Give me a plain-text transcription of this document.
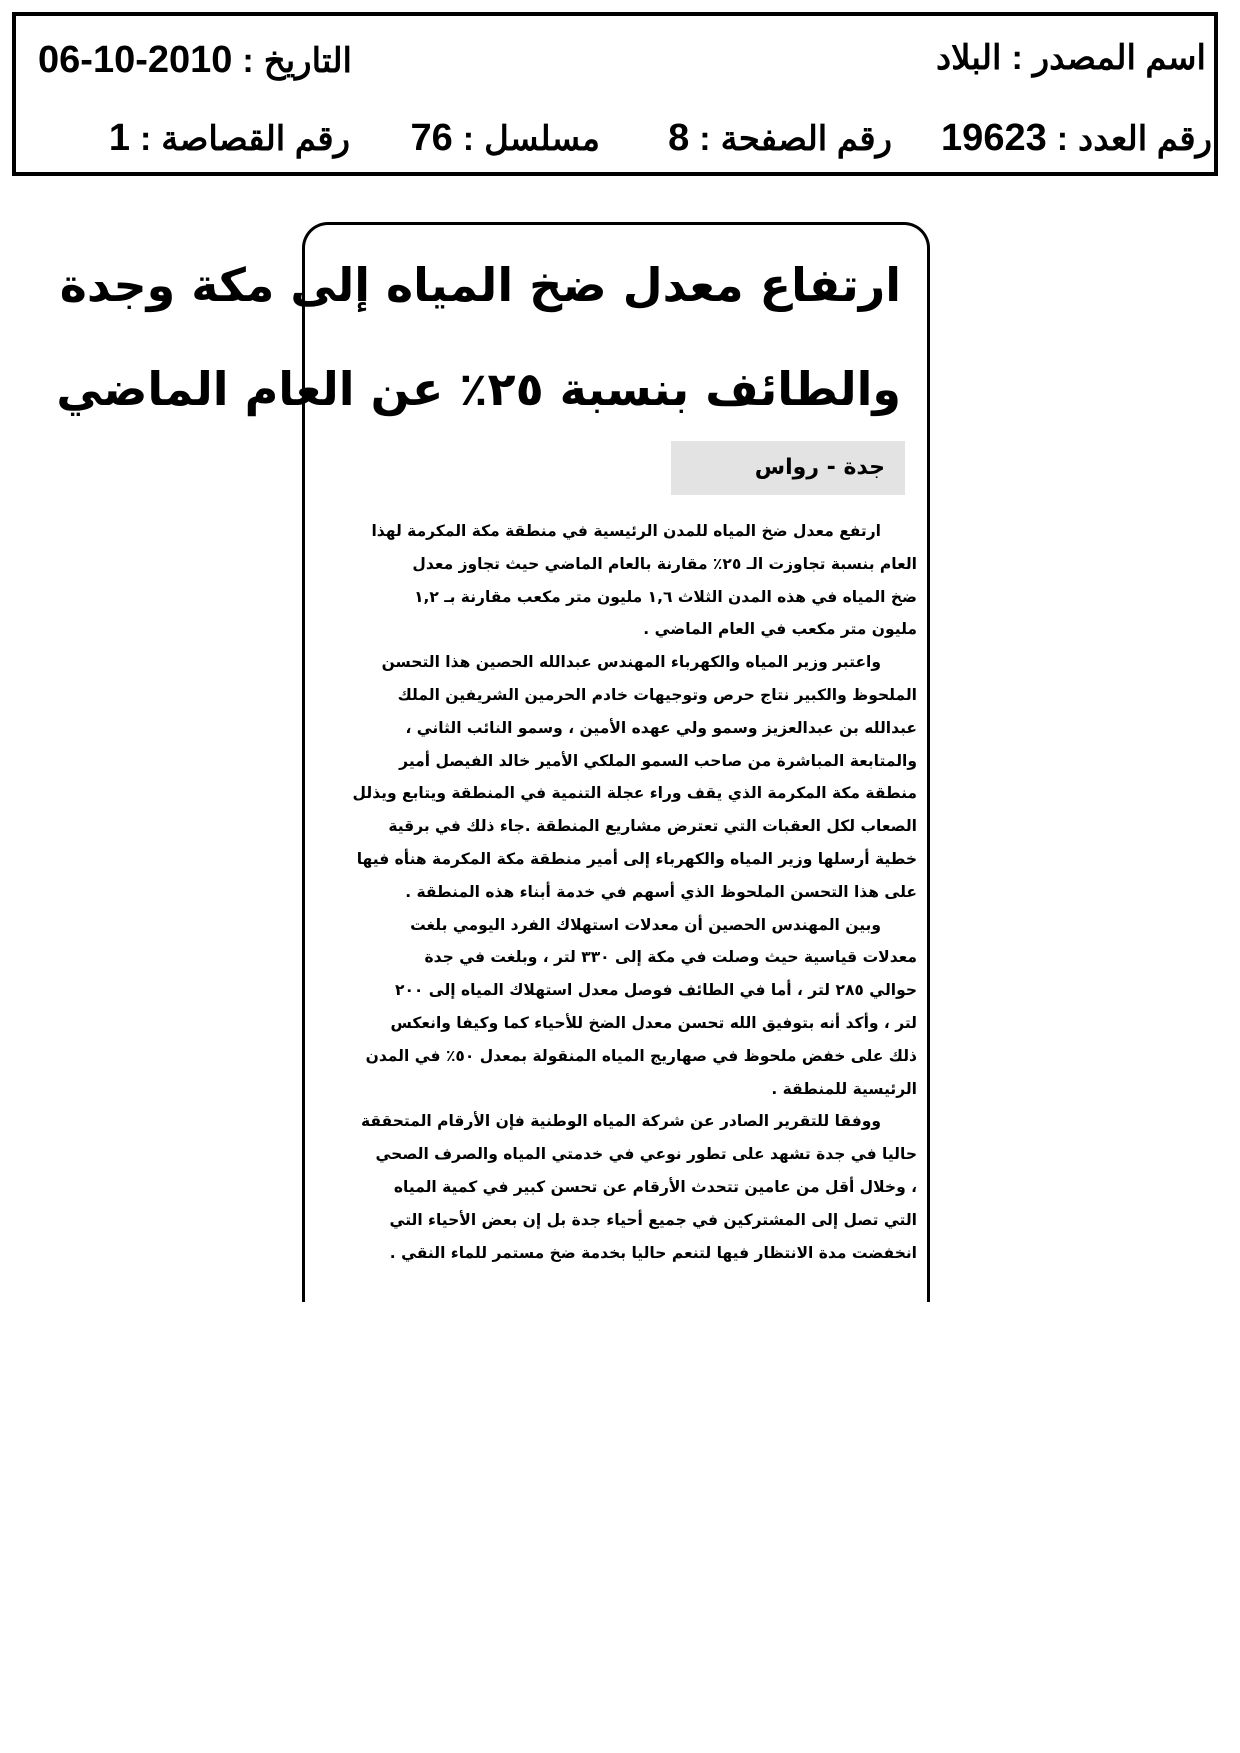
اسم المصدر:البلاد
التاريخ:2010-10-06
رقم العدد:19623
رقم الصفحة:8
مسلسل:76
رقم القصاصة:1
ارتفاع معدل ضخ المياه إلى مكة وجدة
والطائف بنسبة ٢٥٪ عن العام الماضي
جدة - رواس
ارتفع معدل ضخ المياه للمدن الرئيسية في منطقة مكة المكرمة لهذا
العام بنسبة تجاوزت الـ ٢٥٪ مقارنة بالعام الماضي حيث تجاوز معدل
ضخ المياه في هذه المدن الثلاث ١,٦ مليون متر مكعب مقارنة بـ ١,٢
مليون متر مكعب في العام الماضي .
واعتبر وزير المياه والكهرباء المهندس عبدالله الحصين هذا التحسن
الملحوظ والكبير نتاج حرص وتوجيهات خادم الحرمين الشريفين الملك
عبدالله بن عبدالعزيز وسمو ولي عهده الأمين ، وسمو النائب الثاني ،
والمتابعة المباشرة من صاحب السمو الملكي الأمير خالد الفيصل أمير
منطقة مكة المكرمة الذي يقف وراء عجلة التنمية في المنطقة ويتابع ويذلل
الصعاب لكل العقبات التي تعترض مشاريع المنطقة .جاء ذلك في برقية
خطية أرسلها وزير المياه والكهرباء إلى أمير منطقة مكة المكرمة هنأه فيها
على هذا التحسن الملحوظ الذي أسهم في خدمة أبناء هذه المنطقة .
وبين المهندس الحصين أن معدلات استهلاك الفرد اليومي بلغت
معدلات قياسية حيث وصلت في مكة إلى ٣٣٠ لتر ، وبلغت في جدة
حوالي ٢٨٥ لتر ، أما في الطائف فوصل معدل استهلاك المياه إلى ٢٠٠
لتر ، وأكد أنه بتوفيق الله تحسن معدل الضخ للأحياء كما وكيفا وانعكس
ذلك على خفض ملحوظ في صهاريج المياه المنقولة بمعدل ٥٠٪ في المدن
الرئيسية للمنطقة .
ووفقا للتقرير الصادر عن شركة المياه الوطنية فإن الأرقام المتحققة
حاليا في جدة تشهد على تطور نوعي في خدمتي المياه والصرف الصحي
، وخلال أقل من عامين تتحدث الأرقام عن تحسن كبير في كمية المياه
التي تصل إلى المشتركين في جميع أحياء جدة بل إن بعض الأحياء التي
انخفضت مدة الانتظار فيها لتنعم حاليا بخدمة ضخ مستمر للماء النقي .
